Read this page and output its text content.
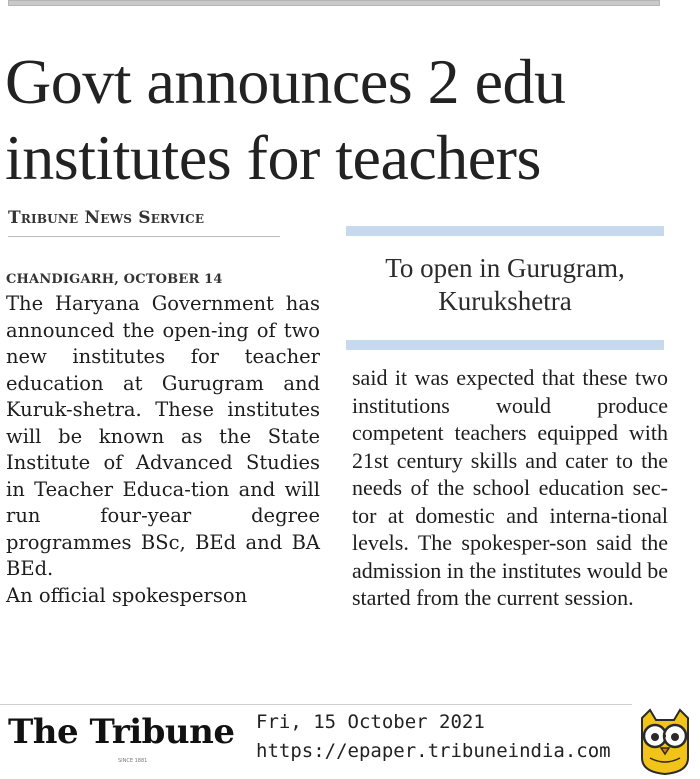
Govt announces 2 edu
institutes for teachers
Tribune News Service

CHANDIGARH, OCTOBER 14

The Haryana Government has announced the open-ing of two new institutes for teacher education at Gurugram and Kuruk-shetra. These institutes will be known as the State Institute of Advanced Studies in Teacher Educa-tion and will run four-year degree programmes BSc, BEd and BA BEd.

An official spokesperson
To open in Gurugram,
Kurukshetra

said it was expected that these two institutions would produce competent teachers equipped with 21st century skills and cater to the needs of the school education sec-tor at domestic and interna-tional levels. The spokesper-son said the admission in the institutes would be started from the current session.

The Tribune
SINCE 1881
Fri, 15 October 2021
https://epaper.tribuneindia.com
